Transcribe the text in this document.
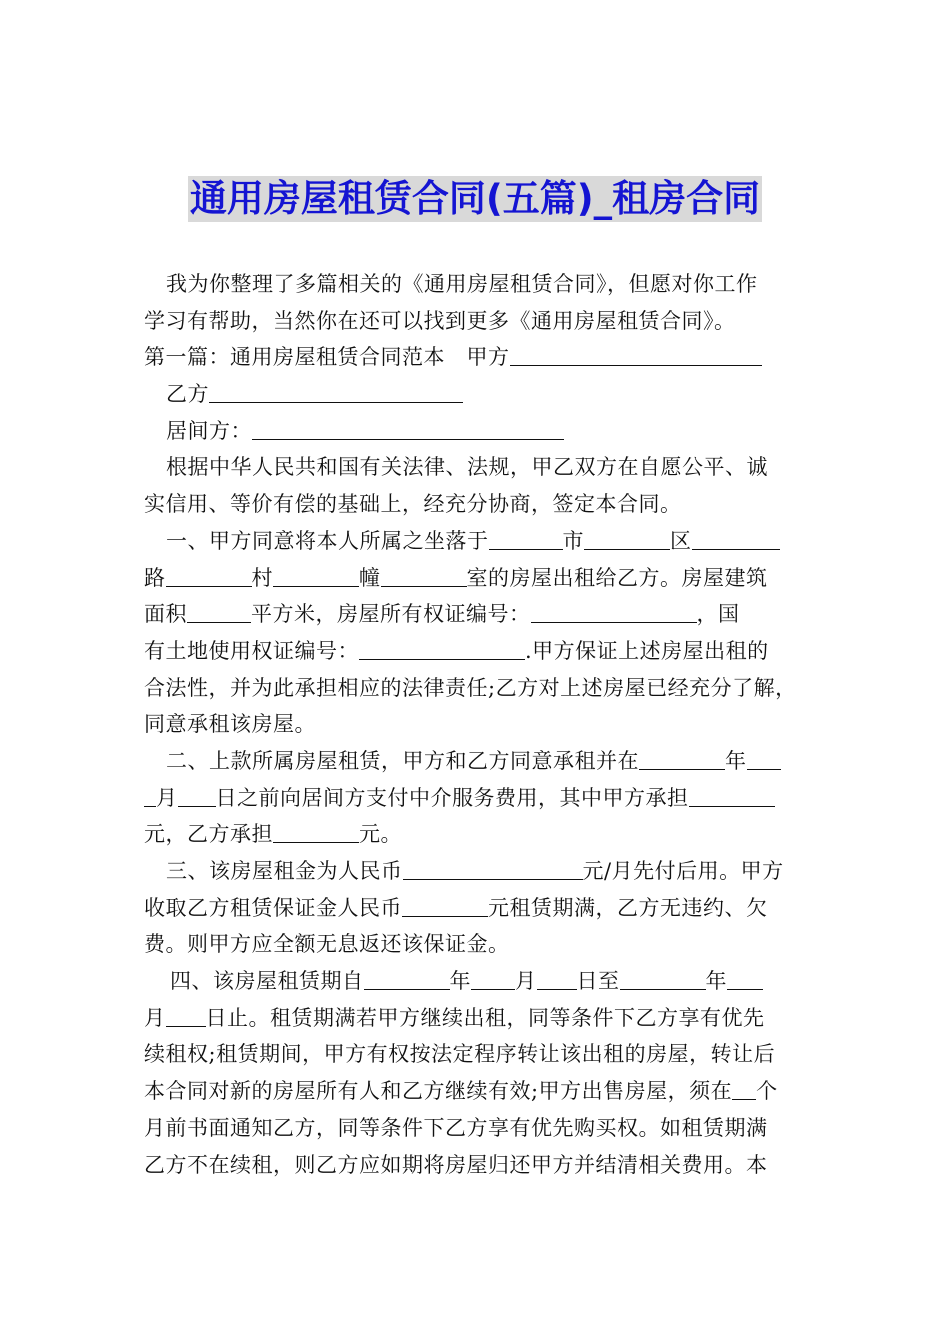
通用房屋租赁合同(五篇)_租房合同
我为你整理了多篇相关的《通用房屋租赁合同》，但愿对你工作
学习有帮助，当然你在还可以找到更多《通用房屋租赁合同》。
第一篇：通用房屋租赁合同范本　甲方
乙方
居间方：
根据中华人民共和国有关法律、法规，甲乙双方在自愿公平、诚
实信用、等价有偿的基础上，经充分协商，签定本合同。
一、甲方同意将本人所属之坐落于	市	区
路	村	幢	室的房屋出租给乙方。房屋建筑
面积	平方米，房屋所有权证编号：	，国
有土地使用权证编号：	.甲方保证上述房屋出租的
合法性，并为此承担相应的法律责任;乙方对上述房屋已经充分了解，
同意承租该房屋。
二、上款所属房屋租赁，甲方和乙方同意承租并在	年
月 日之前向居间方支付中介服务费用，其中甲方承担
元，乙方承担	元。
三、该房屋租金为人民币	元/月先付后用。甲方
收取乙方租赁保证金人民币	元租赁期满，乙方无违约、欠
费。则甲方应全额无息返还该保证金。
四、该房屋租赁期自	年 月 日至	年
月 日止。租赁期满若甲方继续出租，同等条件下乙方享有优先
续租权;租赁期间，甲方有权按法定程序转让该出租的房屋，转让后
本合同对新的房屋所有人和乙方继续有效;甲方出售房屋，须在 个
月前书面通知乙方，同等条件下乙方享有优先购买权。如租赁期满
乙方不在续租，则乙方应如期将房屋归还甲方并结清相关费用。本
